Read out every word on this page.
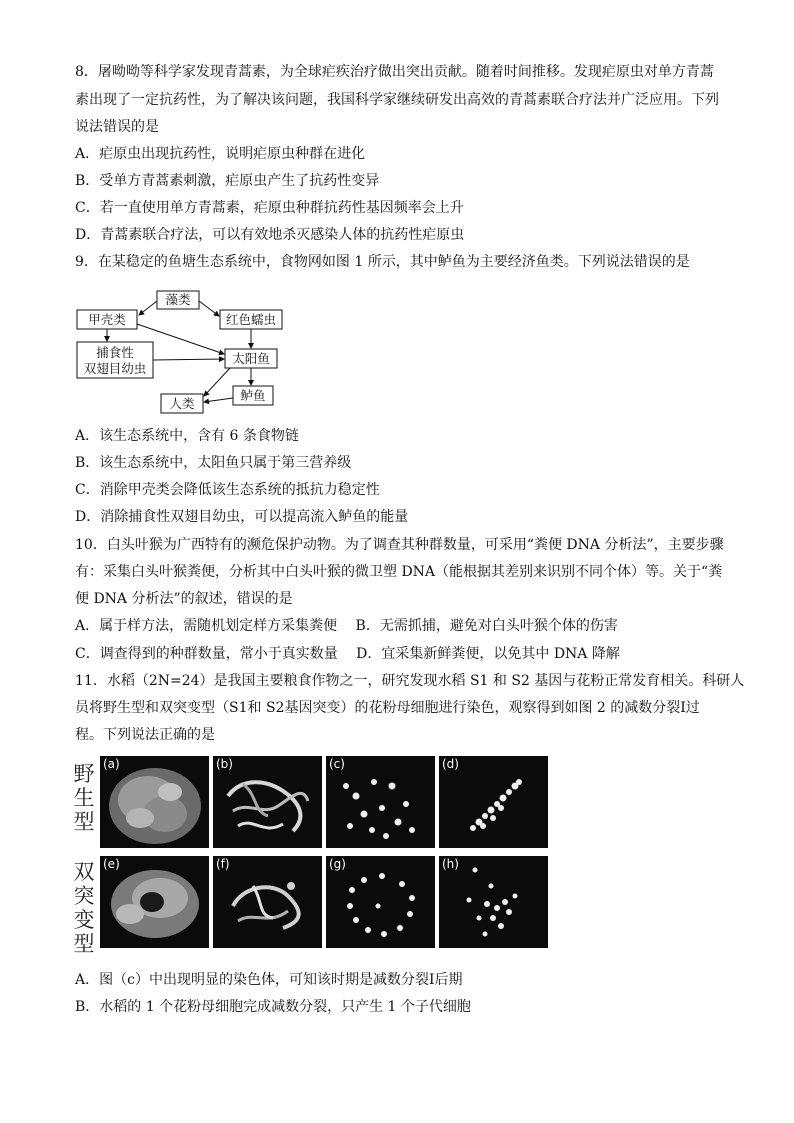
8．屠呦呦等科学家发现青蒿素，为全球疟疾治疗做出突出贡献。随着时间推移。发现疟原虫对单方青蒿
素出现了一定抗药性，为了解决该问题，我国科学家继续研发出高效的青蒿素联合疗法并广泛应用。下列
说法错误的是
A．疟原虫出现抗药性，说明疟原虫种群在进化
B．受单方青蒿素刺激，疟原虫产生了抗药性变异
C．若一直使用单方青蒿素，疟原虫种群抗药性基因频率会上升
D．青蒿素联合疗法，可以有效地杀灭感染人体的抗药性疟原虫
9．在某稳定的鱼塘生态系统中，食物网如图 1 所示，其中鲈鱼为主要经济鱼类。下列说法错误的是
藻类
甲壳类	红色蠕虫
捕食性
双翅目幼虫
太阳鱼
鲈鱼
人类
A．该生态系统中，含有 6 条食物链
B．该生态系统中，太阳鱼只属于第三营养级
C．消除甲壳类会降低该生态系统的抵抗力稳定性
D．消除捕食性双翅目幼虫，可以提高流入鲈鱼的能量
10．白头叶猴为广西特有的濒危保护动物。为了调查其种群数量，可采用“粪便 DNA 分析法”，主要步骤
有：采集白头叶猴粪便，分析其中白头叶猴的微卫塑 DNA（能根据其差别来识别不同个体）等。关于“粪
便 DNA 分析法”的叙述，错误的是
A．属于样方法，需随机划定样方采集粪便　 B．无需抓捕，避免对白头叶猴个体的伤害
C．调查得到的种群数量，常小于真实数量　 D．宜采集新鲜粪便，以免其中 DNA 降解
11．水稻（2N=24）是我国主要粮食作物之一，研究发现水稻 S1 和 S2 基因与花粉正常发育相关。科研人
员将野生型和双突变型（S1和 S2基因突变）的花粉母细胞进行染色，观察得到如图 2 的减数分裂Ⅰ过
程。下列说法正确的是
野
生
型
双
突
变
型
(a)	(b)	(c)	(d)
(e)	(f)	(g)	(h)
A．图（c）中出现明显的染色体，可知该时期是减数分裂Ⅰ后期
B．水稻的 1 个花粉母细胞完成减数分裂，只产生 1 个子代细胞
